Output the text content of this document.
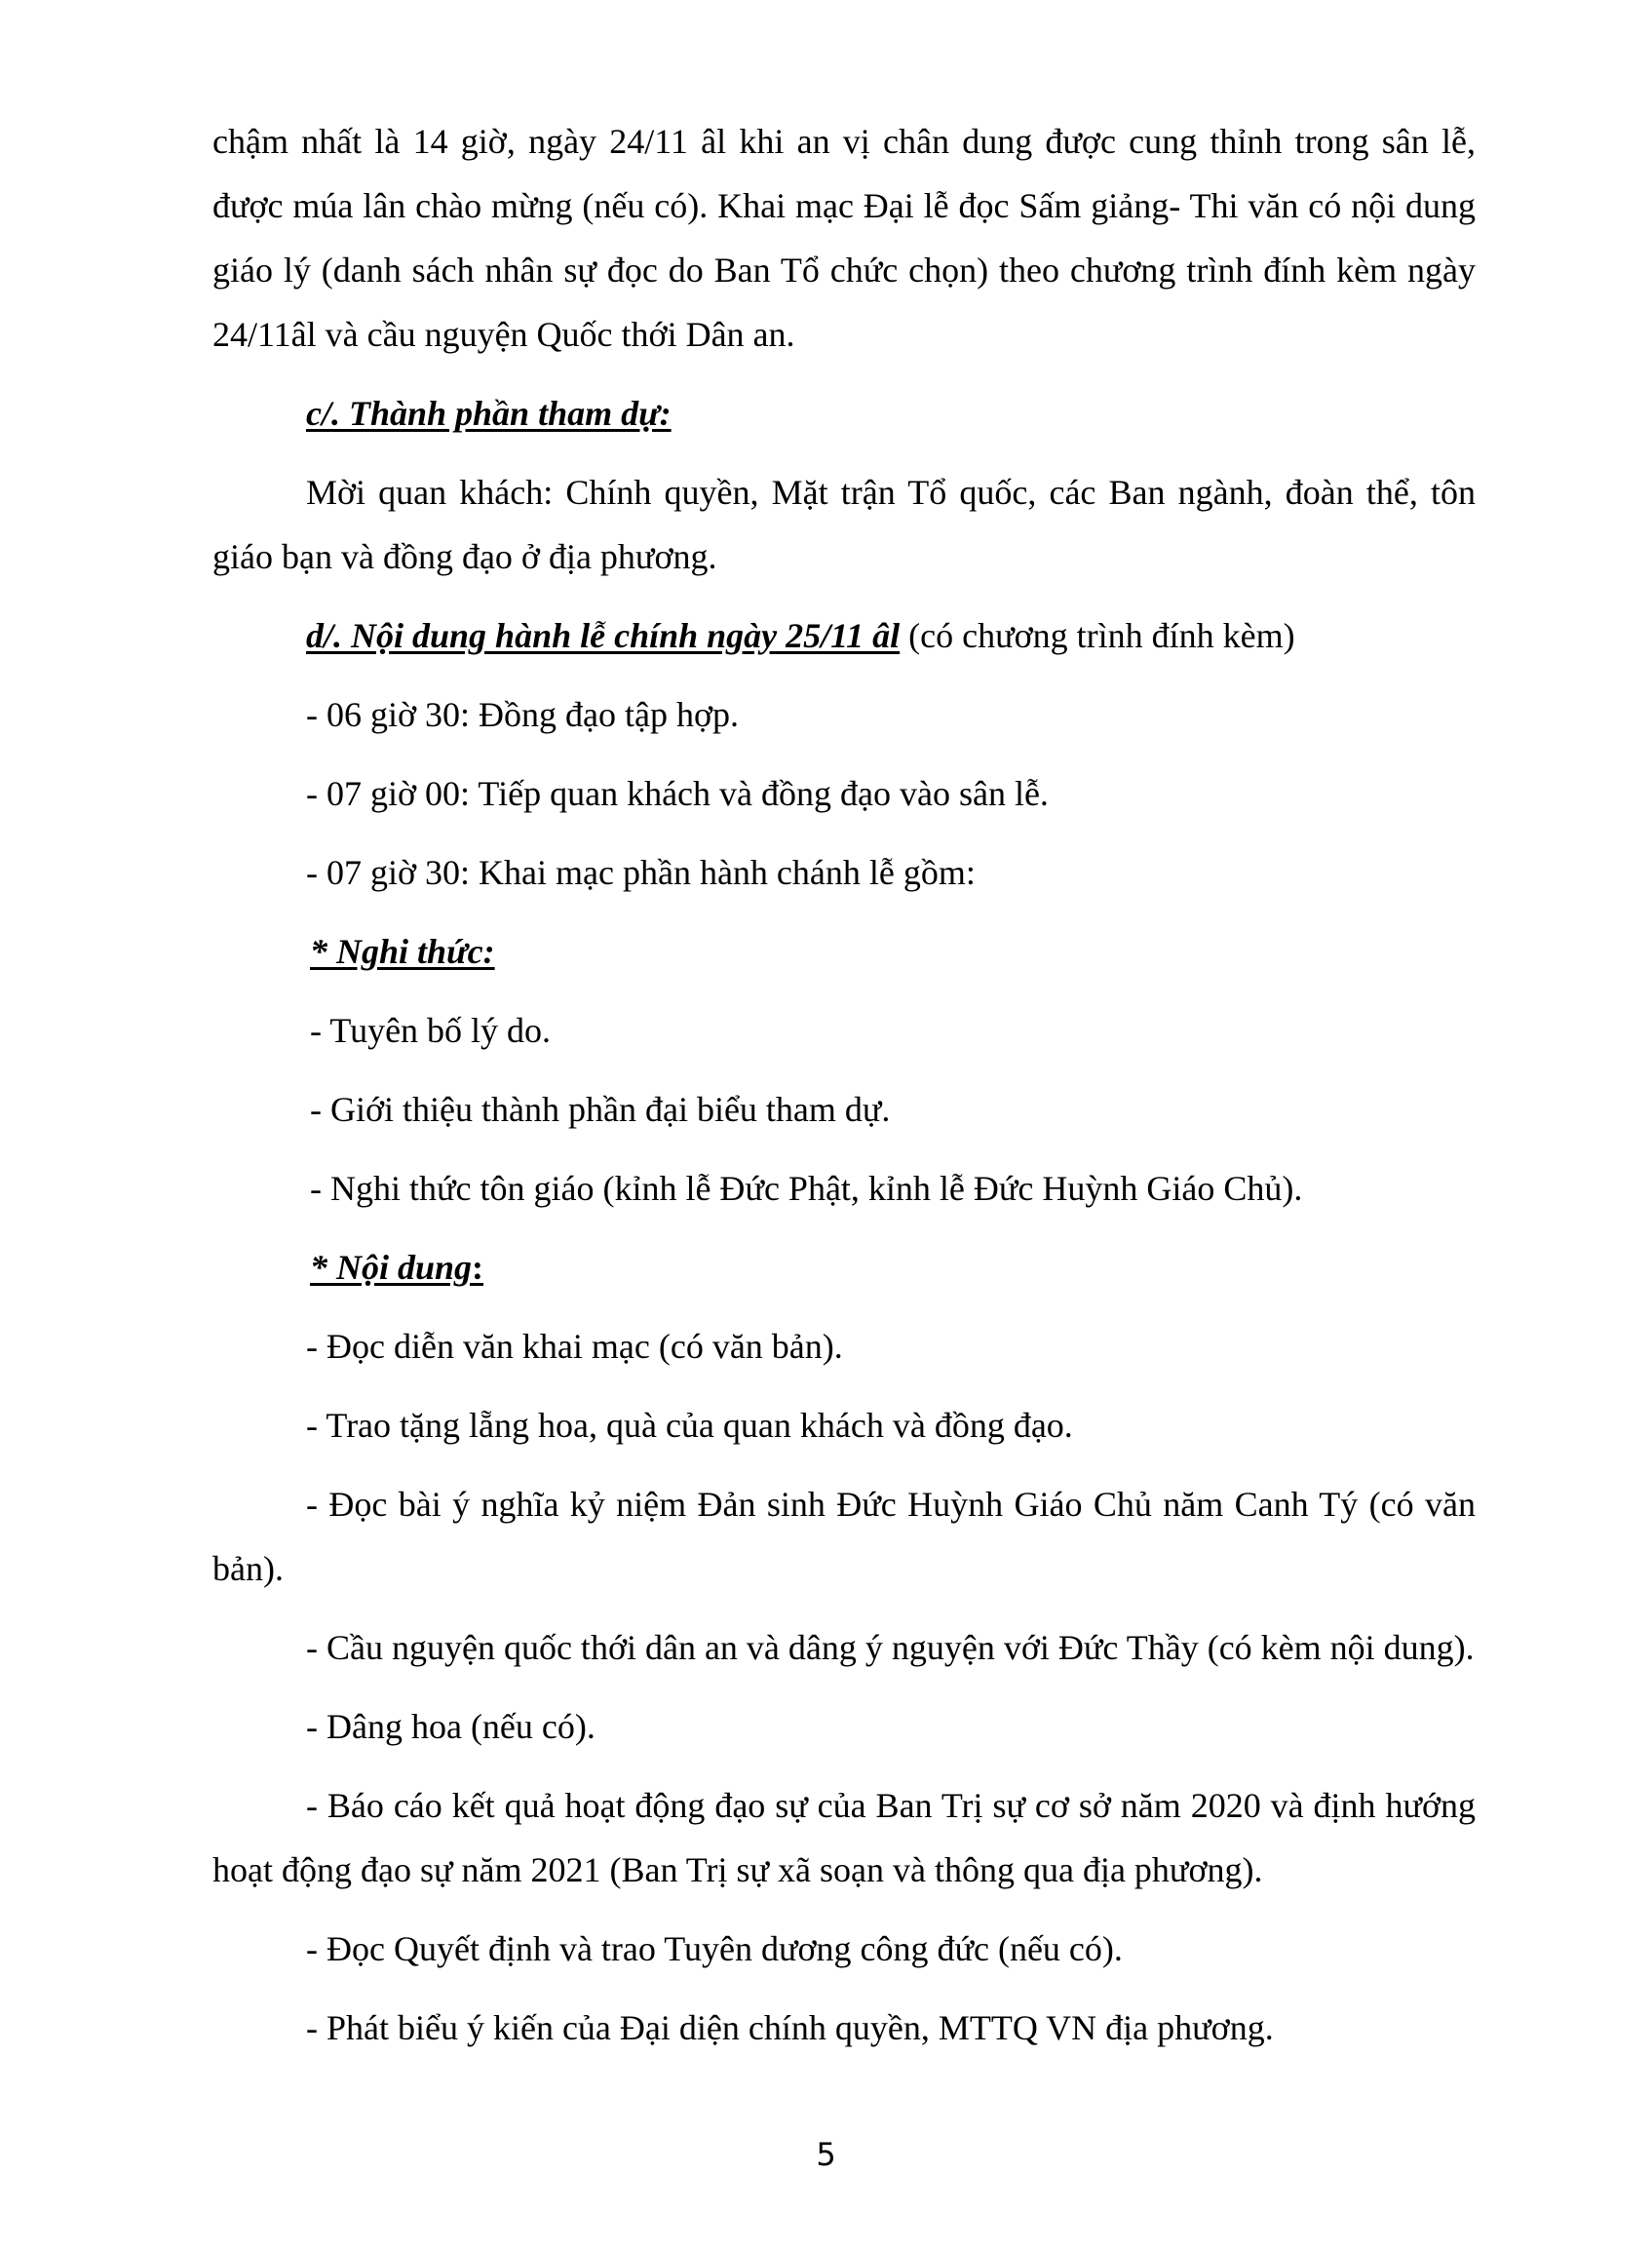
chậm nhất là 14 giờ, ngày 24/11 âl khi an vị chân dung được cung thỉnh trong sân lễ, được múa lân chào mừng (nếu có). Khai mạc Đại lễ đọc Sấm giảng- Thi văn có nội dung giáo lý (danh sách nhân sự đọc do Ban Tổ chức chọn) theo chương trình đính kèm ngày 24/11âl và cầu nguyện Quốc thới Dân an.

c/. Thành phần tham dự:

Mời quan khách: Chính quyền, Mặt trận Tổ quốc, các Ban ngành, đoàn thể, tôn giáo bạn và đồng đạo ở địa phương.

d/. Nội dung hành lễ chính ngày 25/11 âl (có chương trình đính kèm)

- 06 giờ 30: Đồng đạo tập hợp.

- 07 giờ 00: Tiếp quan khách và đồng đạo vào sân lễ.

- 07 giờ 30: Khai mạc phần hành chánh lễ gồm:

* Nghi thức:

- Tuyên bố lý do.

- Giới thiệu thành phần đại biểu tham dự.

- Nghi thức tôn giáo (kỉnh lễ Đức Phật, kỉnh lễ Đức Huỳnh Giáo Chủ).

* Nội dung:

- Đọc diễn văn khai mạc (có văn bản).

- Trao tặng lẵng hoa, quà của quan khách và đồng đạo.

- Đọc bài ý nghĩa kỷ niệm Đản sinh Đức Huỳnh Giáo Chủ năm Canh Tý (có văn bản).

- Cầu nguyện quốc thới dân an và dâng ý nguyện với Đức Thầy (có kèm nội dung).

- Dâng hoa (nếu có).

- Báo cáo kết quả hoạt động đạo sự của Ban Trị sự cơ sở năm 2020 và định hướng hoạt động đạo sự năm 2021 (Ban Trị sự xã soạn và thông qua địa phương).

- Đọc Quyết định và trao Tuyên dương công đức (nếu có).

- Phát biểu ý kiến của Đại diện chính quyền, MTTQ VN địa phương.

5
